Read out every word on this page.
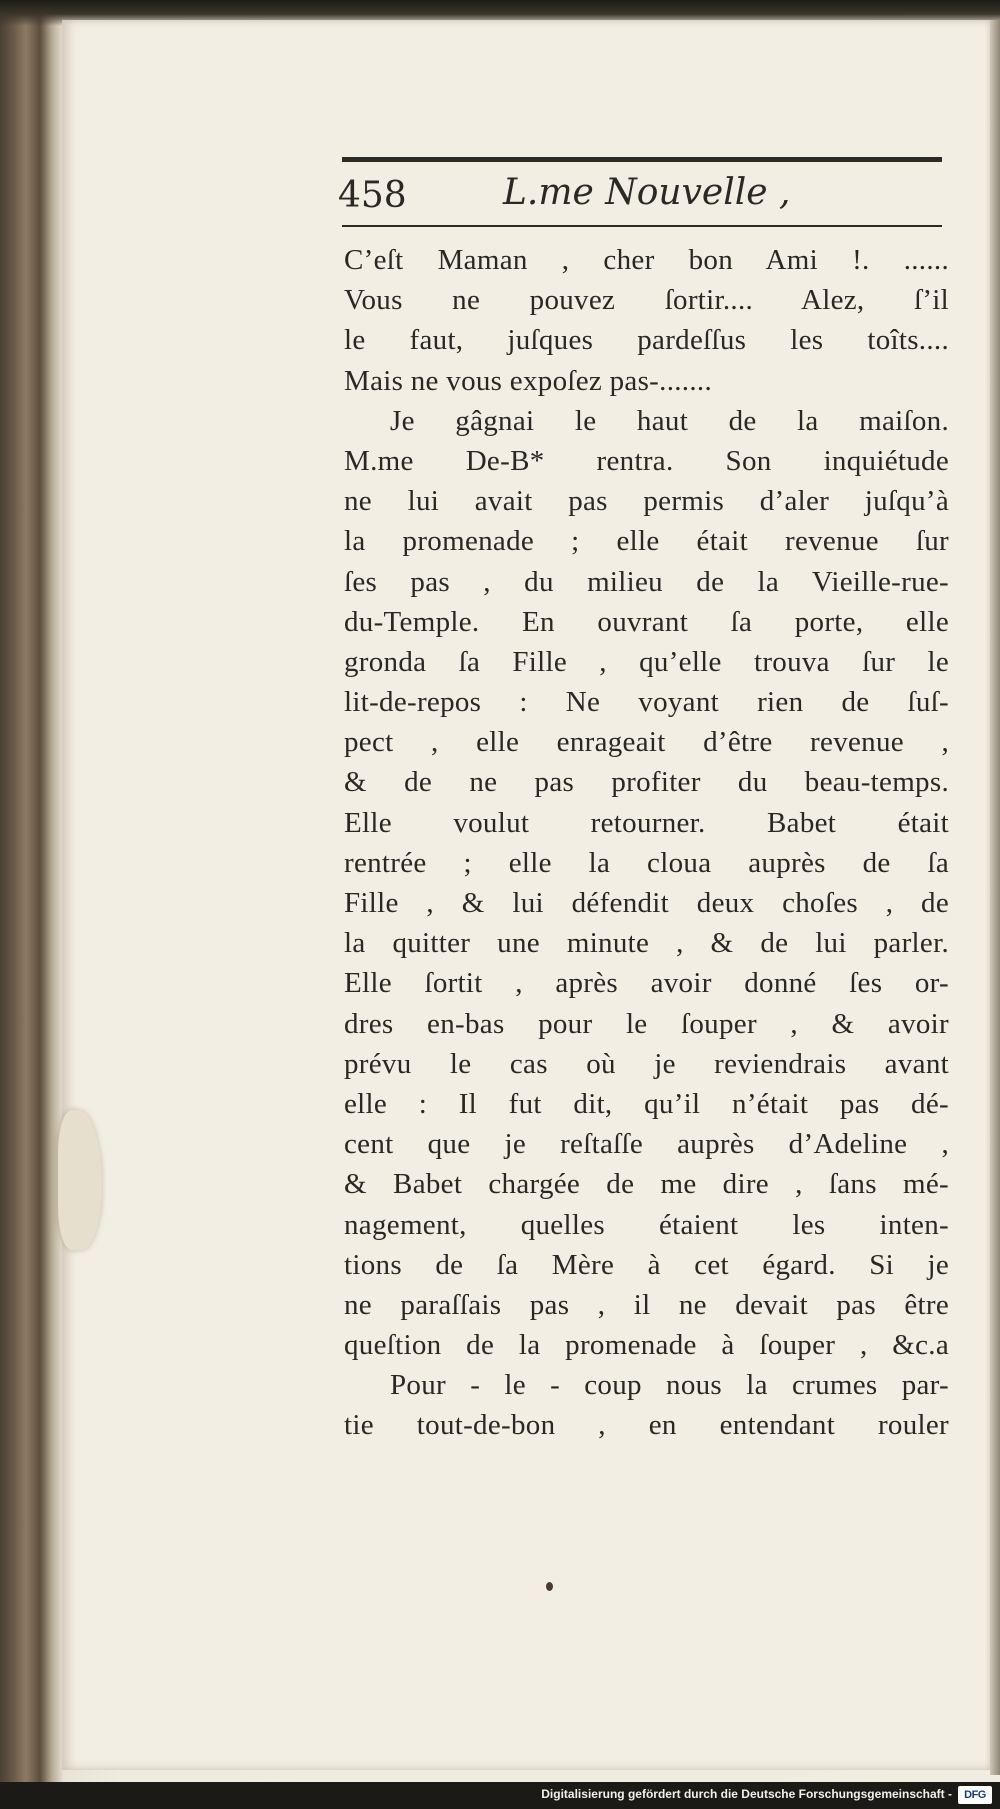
458	L.me Nouvelle ,
C’eſt Maman , cher bon Ami !. ......
Vous ne pouvez ſortir.... Alez, ſ’il
le faut, juſques pardeſſus les toîts....
Mais ne vous expoſez pas-.......
Je gâgnai le haut de la maiſon.
M.me De-B* rentra. Son inquiétude
ne lui avait pas permis d’aler juſqu’à
la promenade ; elle était revenue ſur
ſes pas , du milieu de la Vieille-rue-
du-Temple. En ouvrant ſa porte, elle
gronda ſa Fille , qu’elle trouva ſur le
lit-de-repos : Ne voyant rien de ſuſ-
pect , elle enrageait d’être revenue ,
& de ne pas profiter du beau-temps.
Elle voulut retourner. Babet était
rentrée ; elle la cloua auprès de ſa
Fille , & lui défendit deux choſes , de
la quitter une minute , & de lui parler.
Elle ſortit , après avoir donné ſes or-
dres en-bas pour le ſouper , & avoir
prévu le cas où je reviendrais avant
elle : Il fut dit, qu’il n’était pas dé-
cent que je reſtaſſe auprès d’Adeline ,
& Babet chargée de me dire , ſans mé-
nagement, quelles étaient les inten-
tions de ſa Mère à cet égard. Si je
ne paraſſais pas , il ne devait pas être
queſtion de la promenade à ſouper , &c.a
Pour - le - coup nous la crumes par-
tie tout-de-bon , en entendant rouler
Digitalisierung gefördert durch die Deutsche Forschungsgemeinschaft -	DFG
